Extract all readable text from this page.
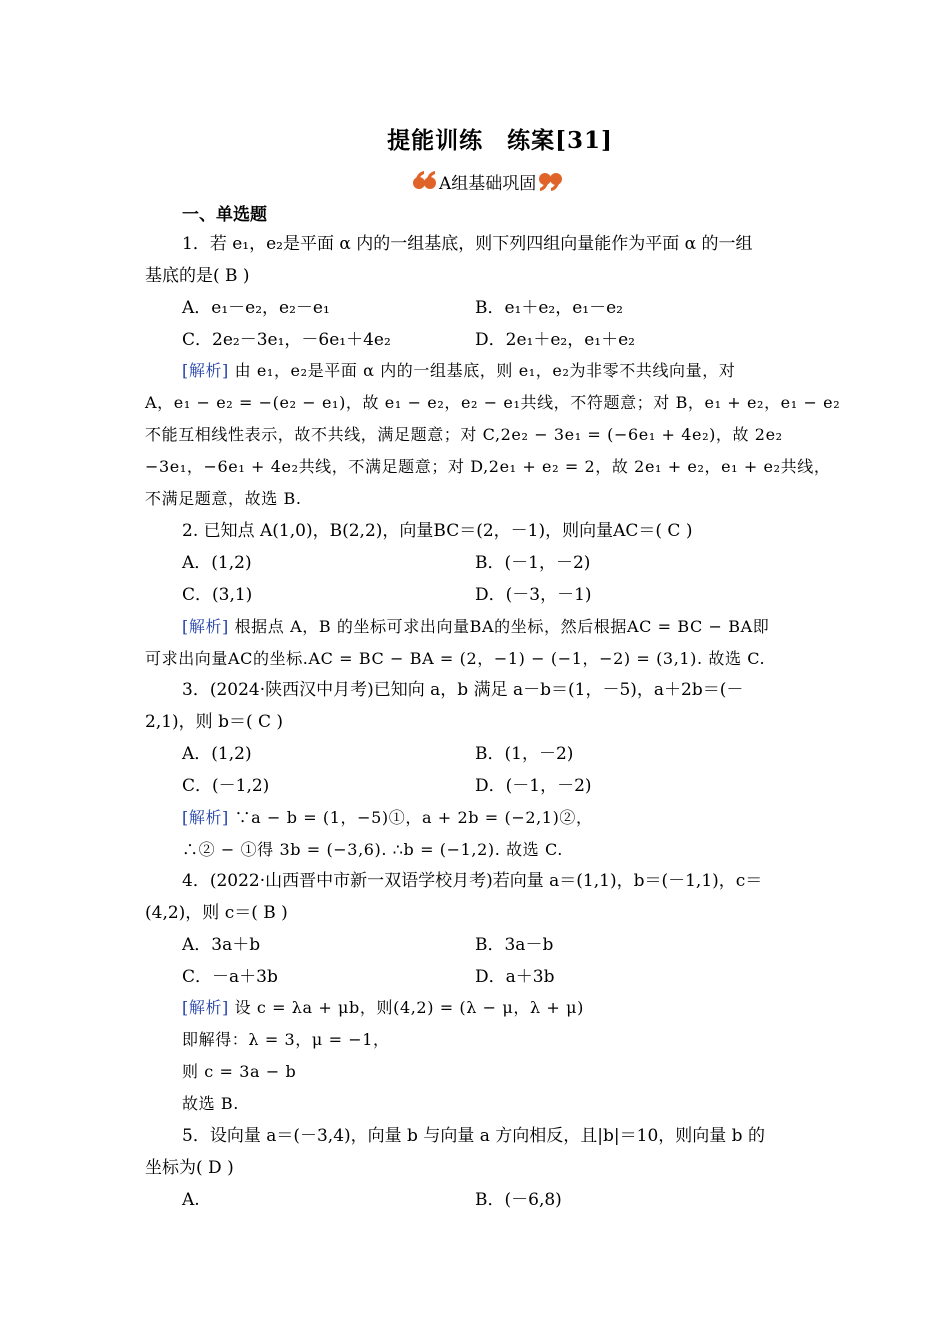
提能训练　练案[31]
A组基础巩固
一、单选题
1．若 e₁，e₂是平面 α 内的一组基底，则下列四组向量能作为平面 α 的一组
基底的是( B )
A．e₁－e₂，e₂－e₁	B．e₁＋e₂，e₁－e₂
C．2e₂－3e₁，－6e₁＋4e₂	D．2e₁＋e₂，e₁＋e₂
[解析] 由 e₁，e₂是平面 α 内的一组基底，则 e₁，e₂为非零不共线向量，对
A，e₁ − e₂ = −(e₂ − e₁)，故 e₁ − e₂，e₂ − e₁共线，不符题意；对 B，e₁ + e₂，e₁ − e₂
不能互相线性表示，故不共线，满足题意；对 C,2e₂ − 3e₁ = (−6e₁ + 4e₂)，故 2e₂
−3e₁，−6e₁ + 4e₂共线，不满足题意；对 D,2e₁ + e₂ = 2，故 2e₁ + e₂，e₁ + e₂共线，
不满足题意，故选 B.
2. 已知点 A(1,0)，B(2,2)，向量BC＝(2，－1)，则向量AC＝( C )
A．(1,2)	B．(－1，－2)
C．(3,1)	D．(－3，－1)
[解析] 根据点 A，B 的坐标可求出向量BA的坐标，然后根据AC = BC − BA即
可求出向量AC的坐标.AC = BC − BA = (2，−1) − (−1，−2) = (3,1). 故选 C.
3．(2024·陕西汉中月考)已知向 a，b 满足 a－b＝(1，－5)，a＋2b＝(－
2,1)，则 b＝( C )
A．(1,2)	B．(1，－2)
C．(－1,2)	D．(－1，－2)
[解析] ∵a − b = (1，−5)①，a + 2b = (−2,1)②，
∴② − ①得 3b = (−3,6). ∴b = (−1,2). 故选 C.
4．(2022·山西晋中市新一双语学校月考)若向量 a＝(1,1)，b＝(－1,1)，c＝
(4,2)，则 c＝( B )
A．3a＋b	B．3a－b
C．－a＋3b	D．a＋3b
[解析] 设 c = λa + μb，则(4,2) = (λ − μ，λ + μ)
即解得：λ = 3，μ = −1，
则 c = 3a − b
故选 B.
5．设向量 a＝(－3,4)，向量 b 与向量 a 方向相反，且|b|＝10，则向量 b 的
坐标为( D )
A.	B．(－6,8)
